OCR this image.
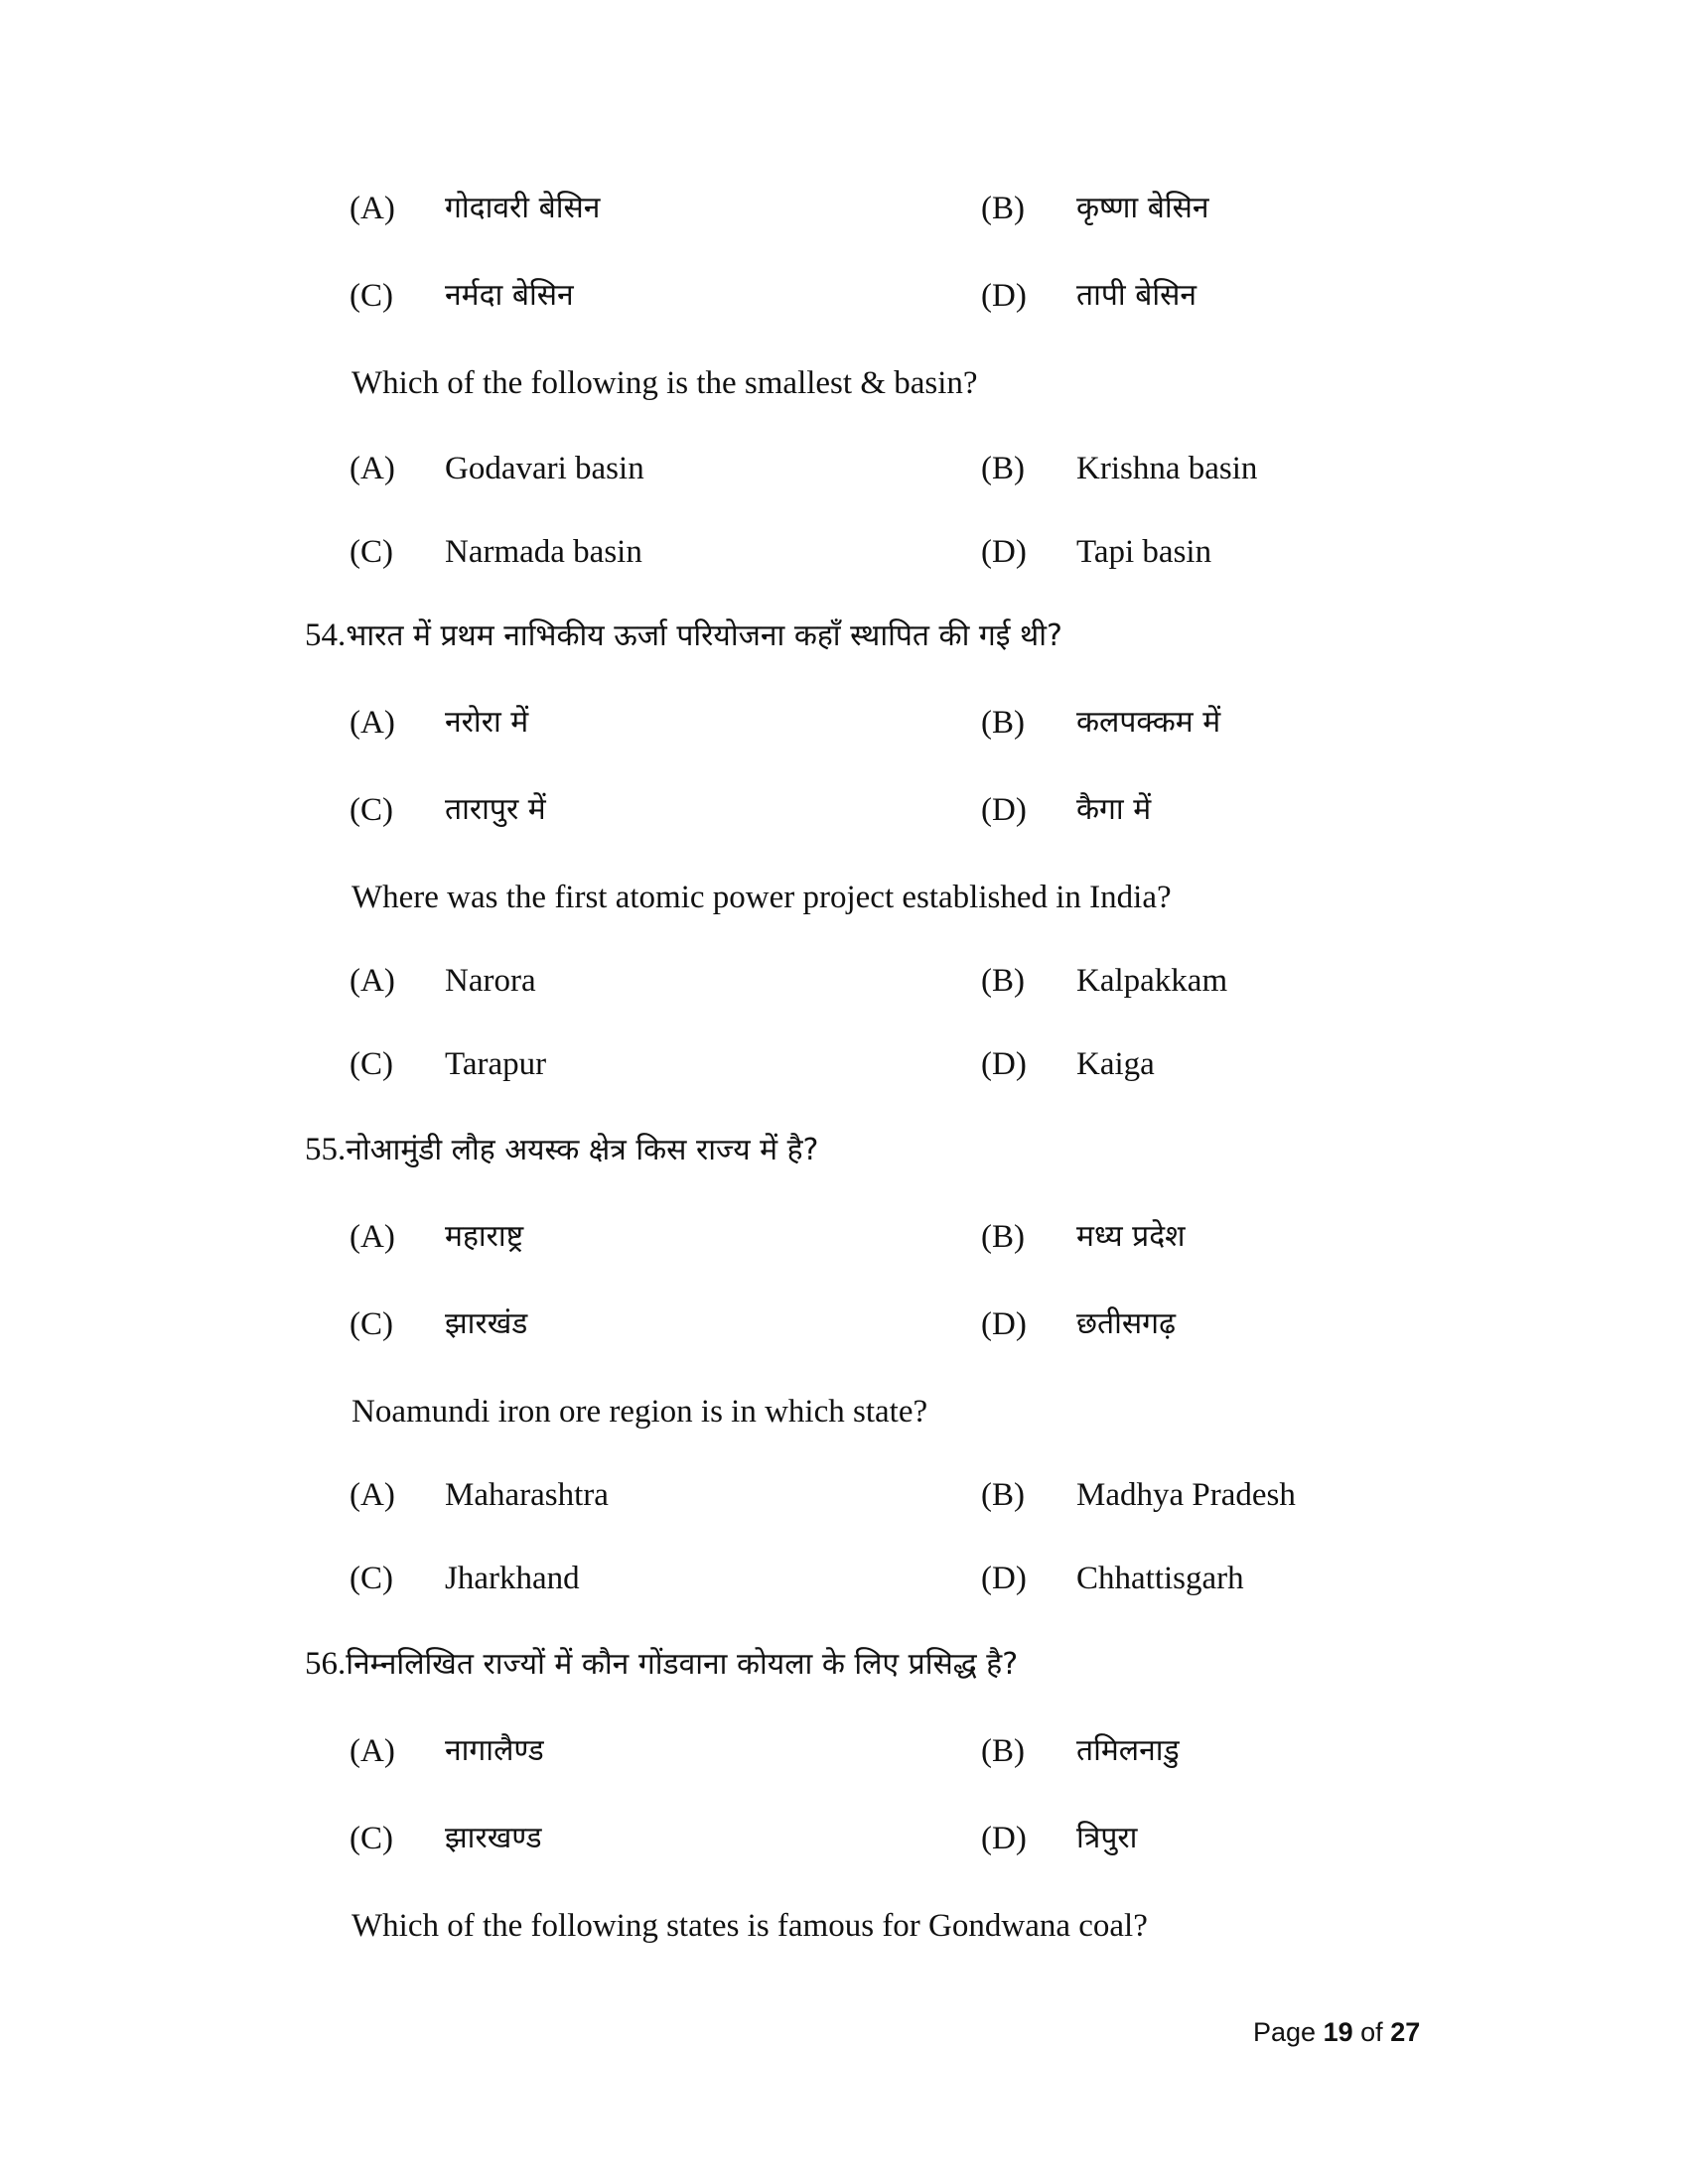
(A) गोदावरी बेसिन	(B) कृष्णा बेसिन
(C) नर्मदा बेसिन	(D) तापी बेसिन
Which of the following is the smallest & basin?
(A) Godavari basin	(B) Krishna basin
(C) Narmada basin	(D) Tapi basin
54.भारत में प्रथम नाभिकीय ऊर्जा परियोजना कहाँ स्थापित की गई थी?
(A) नरोरा में	(B) कलपक्कम में
(C) तारापुर में	(D) कैगा में
Where was the first atomic power project established in India?
(A) Narora	(B) Kalpakkam
(C) Tarapur	(D) Kaiga
55.नोआमुंडी लौह अयस्क क्षेत्र किस राज्य में है?
(A) महाराष्ट्र	(B) मध्य प्रदेश
(C) झारखंड	(D) छतीसगढ़
Noamundi iron ore region is in which state?
(A) Maharashtra	(B) Madhya Pradesh
(C) Jharkhand	(D) Chhattisgarh
56.निम्नलिखित राज्यों में कौन गोंडवाना कोयला के लिए प्रसिद्ध है?
(A) नागालैण्ड	(B) तमिलनाडु
(C) झारखण्ड	(D) त्रिपुरा
Which of the following states is famous for Gondwana coal?
Page 19 of 27
